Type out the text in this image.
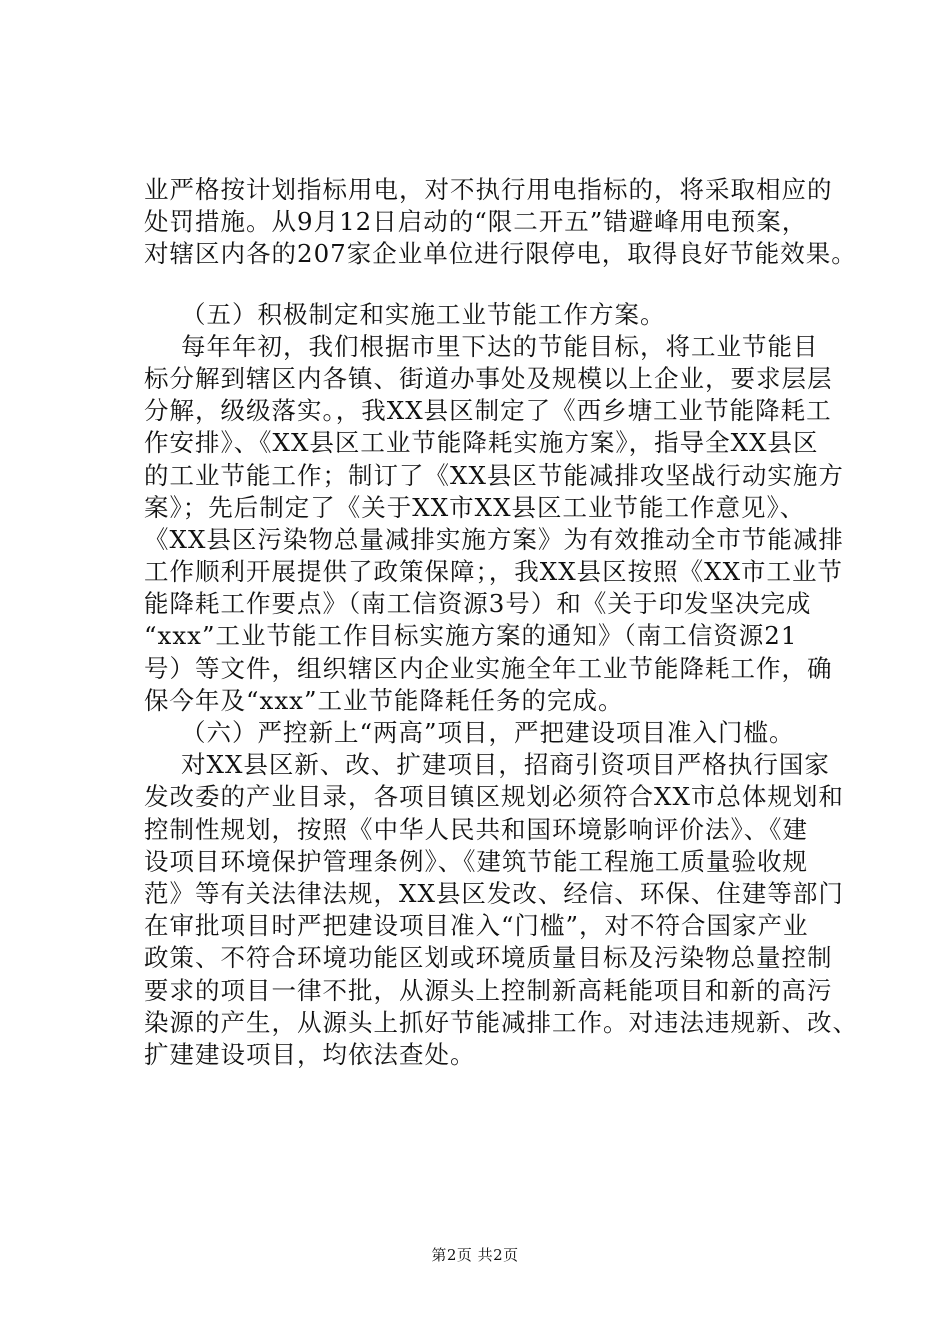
业严格按计划指标用电，对不执行用电指标的，将采取相应的
处罚措施。从9月12日启动的“限二开五”错避峰用电预案，
对辖区内各的207家企业单位进行限停电，取得良好节能效果。
（五）积极制定和实施工业节能工作方案。
每年年初，我们根据市里下达的节能目标，将工业节能目
标分解到辖区内各镇、街道办事处及规模以上企业，要求层层
分解，级级落实。，我XX县区制定了《西乡塘工业节能降耗工
作安排》、《XX县区工业节能降耗实施方案》，指导全XX县区
的工业节能工作；制订了《XX县区节能减排攻坚战行动实施方
案》；先后制定了《关于XX市XX县区工业节能工作意见》、
《XX县区污染物总量减排实施方案》为有效推动全市节能减排
工作顺利开展提供了政策保障；，我XX县区按照《XX市工业节
能降耗工作要点》（南工信资源3号）和《关于印发坚决完成
“xxx”工业节能工作目标实施方案的通知》（南工信资源21
号）等文件，组织辖区内企业实施全年工业节能降耗工作，确
保今年及“xxx”工业节能降耗任务的完成。
（六）严控新上“两高”项目，严把建设项目准入门槛。
对XX县区新、改、扩建项目，招商引资项目严格执行国家
发改委的产业目录，各项目镇区规划必须符合XX市总体规划和
控制性规划，按照《中华人民共和国环境影响评价法》、《建
设项目环境保护管理条例》、《建筑节能工程施工质量验收规
范》等有关法律法规，XX县区发改、经信、环保、住建等部门
在审批项目时严把建设项目准入“门槛”，对不符合国家产业
政策、不符合环境功能区划或环境质量目标及污染物总量控制
要求的项目一律不批，从源头上控制新高耗能项目和新的高污
染源的产生，从源头上抓好节能减排工作。对违法违规新、改、
扩建建设项目，均依法查处。
第2页 共2页
